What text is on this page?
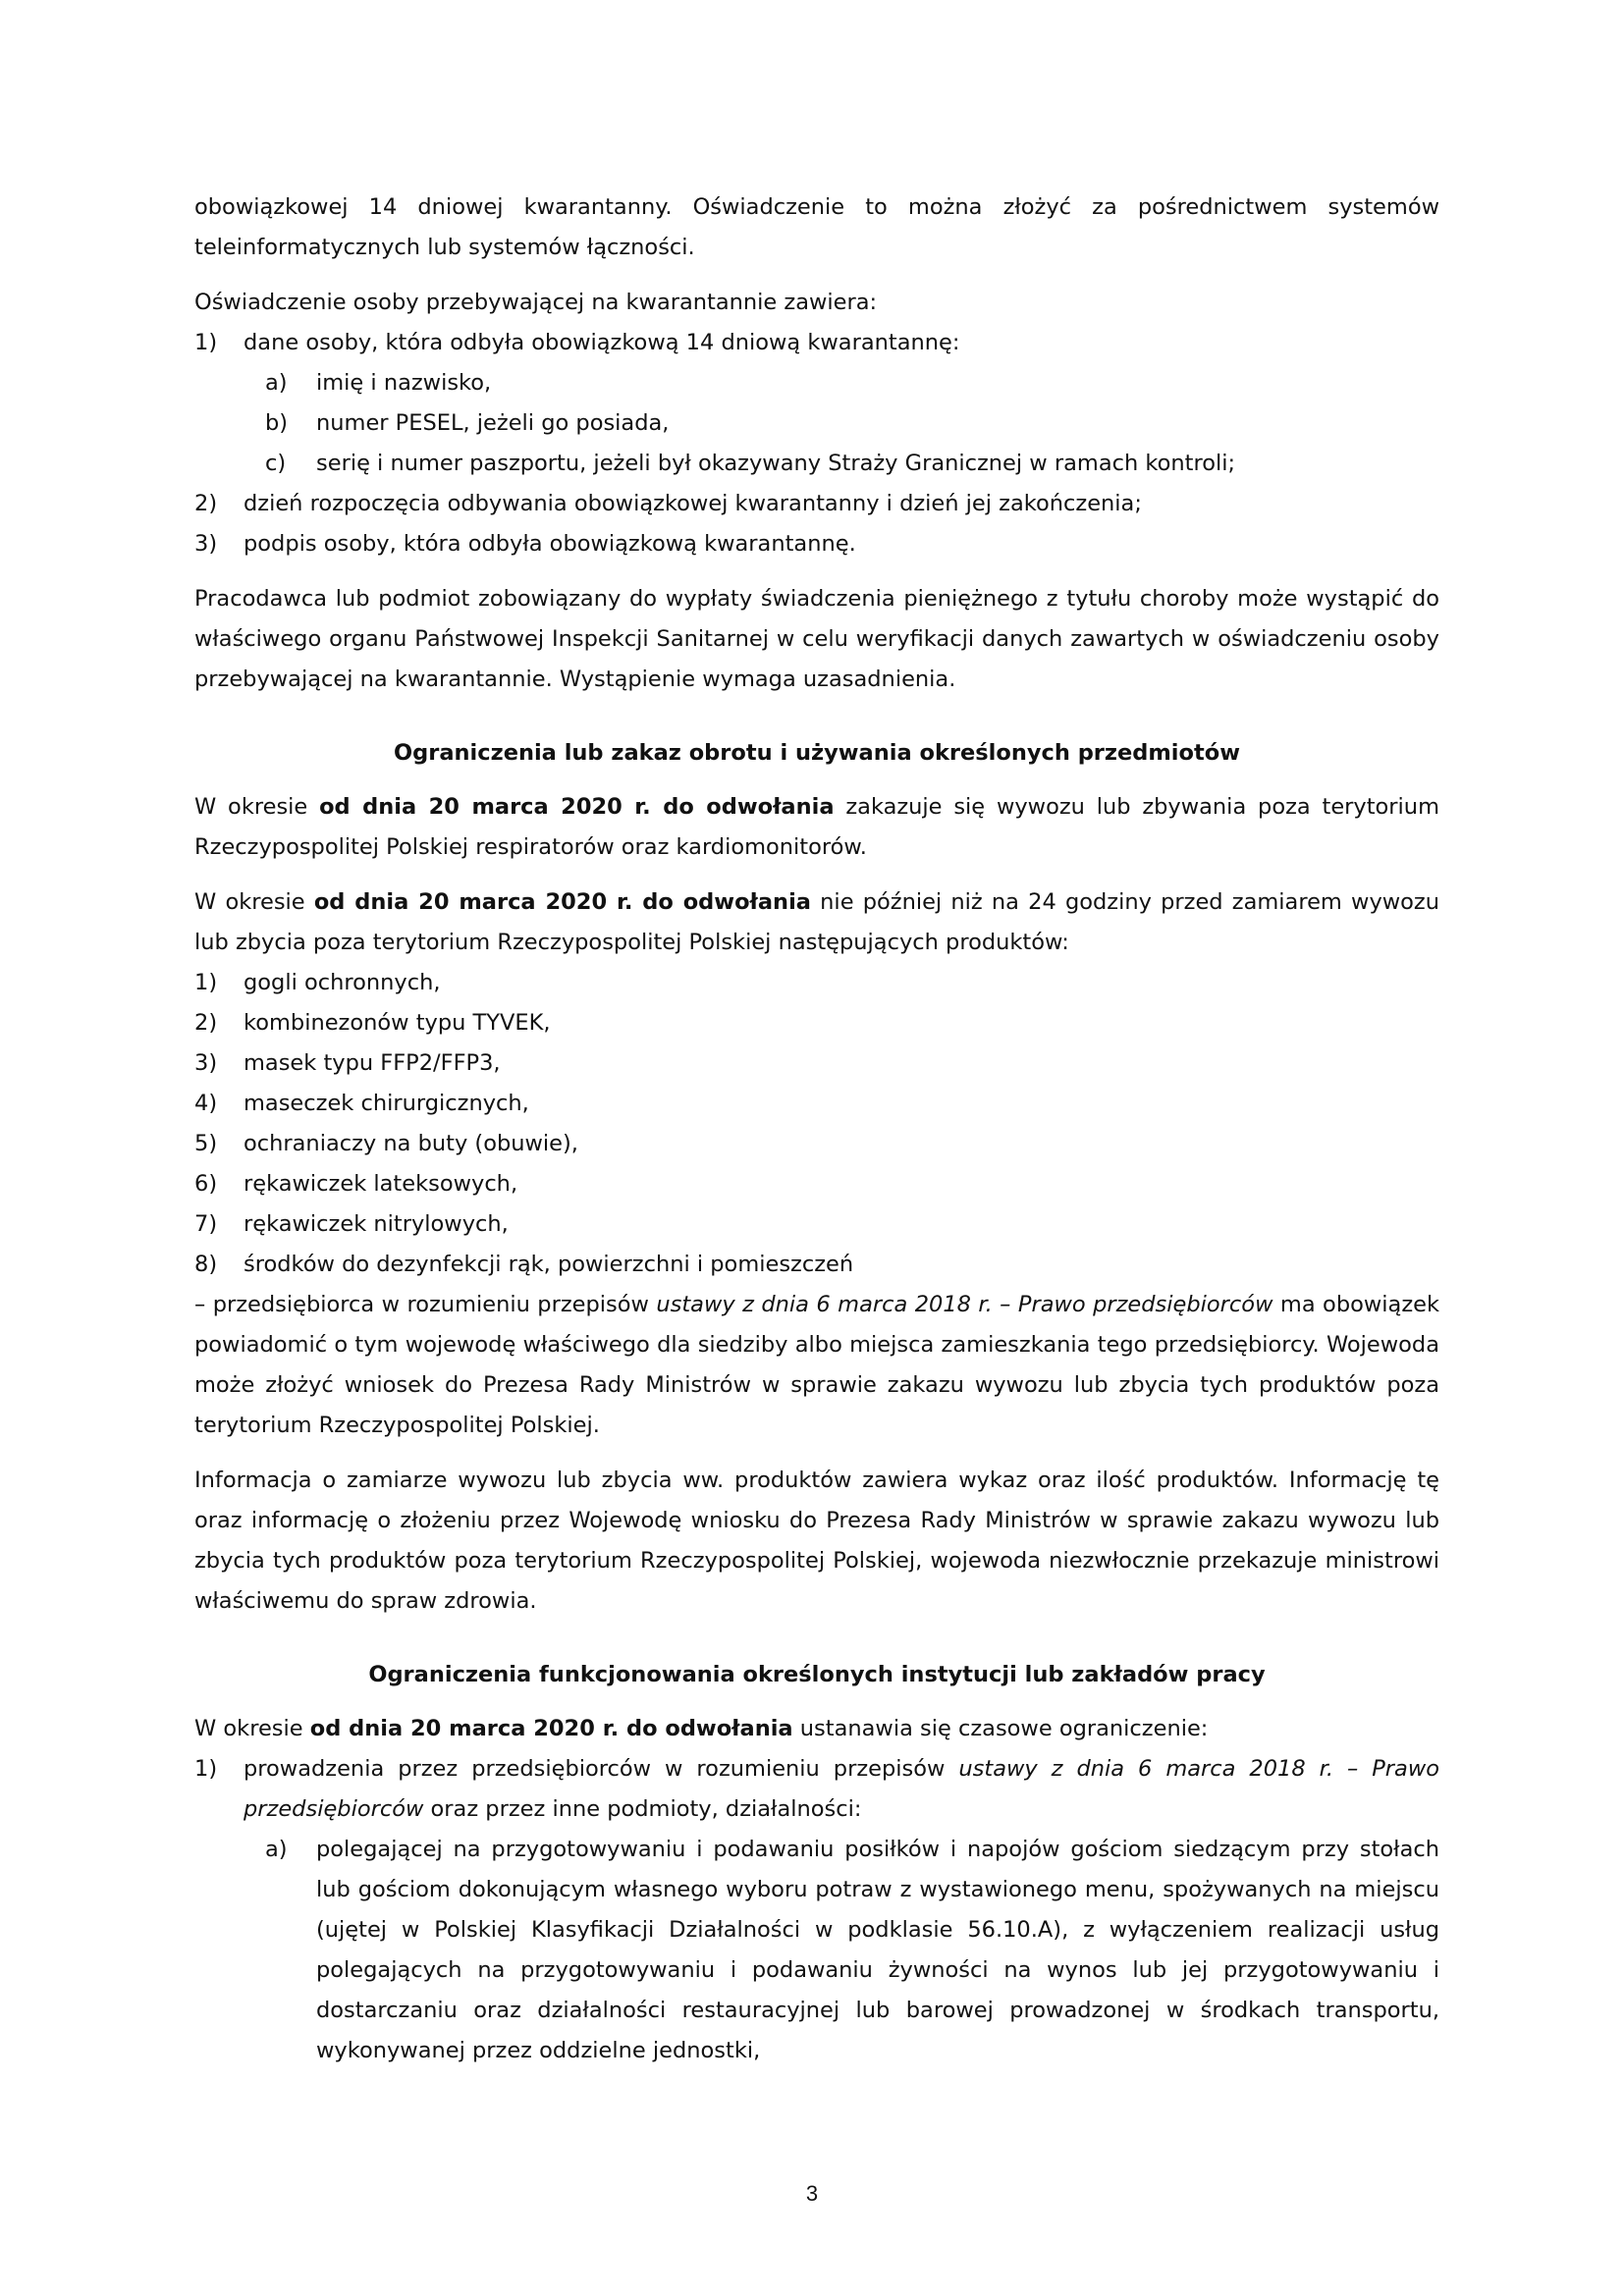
obowiązkowej 14 dniowej kwarantanny. Oświadczenie to można złożyć za pośrednictwem systemów teleinformatycznych lub systemów łączności.

Oświadczenie osoby przebywającej na kwarantannie zawiera:

1)	dane osoby, która odbyła obowiązkową 14 dniową kwarantannę:
a)	imię i nazwisko,
b)	numer PESEL, jeżeli go posiada,
c)	serię i numer paszportu, jeżeli był okazywany Straży Granicznej w ramach kontroli;
2)	dzień rozpoczęcia odbywania obowiązkowej kwarantanny i dzień jej zakończenia;
3)	podpis osoby, która odbyła obowiązkową kwarantannę.

Pracodawca lub podmiot zobowiązany do wypłaty świadczenia pieniężnego z tytułu choroby może wystąpić do właściwego organu Państwowej Inspekcji Sanitarnej w celu weryfikacji danych zawartych w oświadczeniu osoby przebywającej na kwarantannie. Wystąpienie wymaga uzasadnienia.

Ograniczenia lub zakaz obrotu i używania określonych przedmiotów

W okresie od dnia 20 marca 2020 r. do odwołania zakazuje się wywozu lub zbywania poza terytorium Rzeczypospolitej Polskiej respiratorów oraz kardiomonitorów.

W okresie od dnia 20 marca 2020 r. do odwołania nie później niż na 24 godziny przed zamiarem wywozu lub zbycia poza terytorium Rzeczypospolitej Polskiej następujących produktów:

1)	gogli ochronnych,
2)	kombinezonów typu TYVEK,
3)	masek typu FFP2/FFP3,
4)	maseczek chirurgicznych,
5)	ochraniaczy na buty (obuwie),
6)	rękawiczek lateksowych,
7)	rękawiczek nitrylowych,
8)	środków do dezynfekcji rąk, powierzchni i pomieszczeń

– przedsiębiorca w rozumieniu przepisów ustawy z dnia 6 marca 2018 r. – Prawo przedsiębiorców ma obowiązek powiadomić o tym wojewodę właściwego dla siedziby albo miejsca zamieszkania tego przedsiębiorcy. Wojewoda może złożyć wniosek do Prezesa Rady Ministrów w sprawie zakazu wywozu lub zbycia tych produktów poza terytorium Rzeczypospolitej Polskiej.

Informacja o zamiarze wywozu lub zbycia ww. produktów zawiera wykaz oraz ilość produktów. Informację tę oraz informację o złożeniu przez Wojewodę wniosku do Prezesa Rady Ministrów w sprawie zakazu wywozu lub zbycia tych produktów poza terytorium Rzeczypospolitej Polskiej, wojewoda niezwłocznie przekazuje ministrowi właściwemu do spraw zdrowia.

Ograniczenia funkcjonowania określonych instytucji lub zakładów pracy

W okresie od dnia 20 marca 2020 r. do odwołania ustanawia się czasowe ograniczenie:

1)	prowadzenia przez przedsiębiorców w rozumieniu przepisów ustawy z dnia 6 marca 2018 r. – Prawo przedsiębiorców oraz przez inne podmioty, działalności:
a)	polegającej na przygotowywaniu i podawaniu posiłków i napojów gościom siedzącym przy stołach lub gościom dokonującym własnego wyboru potraw z wystawionego menu, spożywanych na miejscu (ujętej w Polskiej Klasyfikacji Działalności w podklasie 56.10.A), z wyłączeniem realizacji usług polegających na przygotowywaniu i podawaniu żywności na wynos lub jej przygotowywaniu i dostarczaniu oraz działalności restauracyjnej lub barowej prowadzonej w środkach transportu, wykonywanej przez oddzielne jednostki,
3
